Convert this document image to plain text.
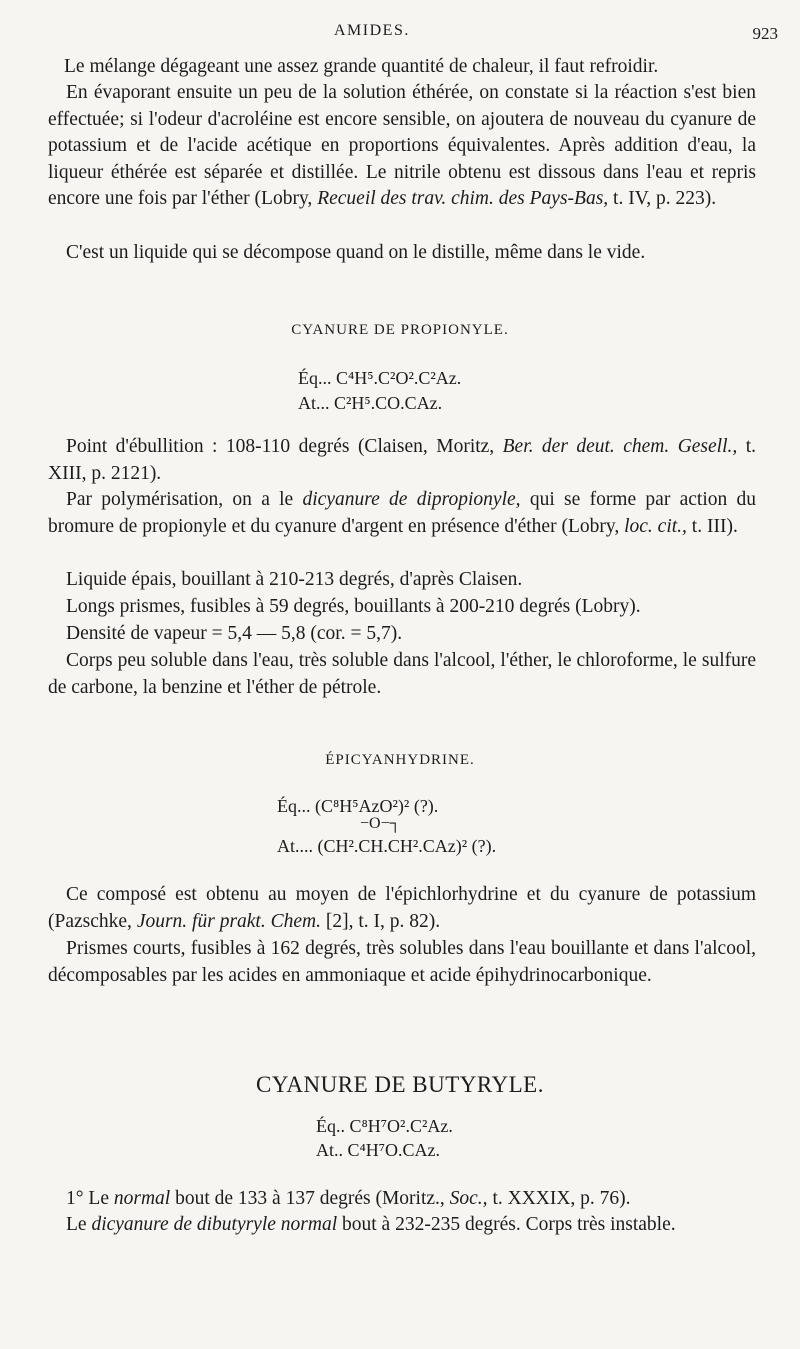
AMIDES.	923

Le mélange dégageant une assez grande quantité de chaleur, il faut refroidir.

En évaporant ensuite un peu de la solution éthérée, on constate si la réaction s'est bien effectuée; si l'odeur d'acroléine est encore sensible, on ajoutera de nouveau du cyanure de potassium et de l'acide acétique en proportions équivalentes. Après addition d'eau, la liqueur éthérée est séparée et distillée. Le nitrile obtenu est dissous dans l'eau et repris encore une fois par l'éther (Lobry, Recueil des trav. chim. des Pays-Bas, t. IV, p. 223).

C'est un liquide qui se décompose quand on le distille, même dans le vide.

CYANURE DE PROPIONYLE.
Éq... C⁴H⁵.C²O².C²Az.
At... C²H⁵.CO.CAz.

Point d'ébullition : 108-110 degrés (Claisen, Moritz, Ber. der deut. chem. Gesell., t. XIII, p. 2121).

Par polymérisation, on a le dicyanure de dipropionyle, qui se forme par action du bromure de propionyle et du cyanure d'argent en présence d'éther (Lobry, loc. cit., t. III).

Liquide épais, bouillant à 210-213 degrés, d'après Claisen.

Longs prismes, fusibles à 59 degrés, bouillants à 200-210 degrés (Lobry).

Densité de vapeur = 5,4 — 5,8 (cor. = 5,7).

Corps peu soluble dans l'eau, très soluble dans l'alcool, l'éther, le chloroforme, le sulfure de carbone, la benzine et l'éther de pétrole.

ÉPICYANHYDRINE.
Éq... (C⁸H⁵AzO²)² (?).
−O−┐
At.... (CH².CH.CH².CAz)² (?).

Ce composé est obtenu au moyen de l'épichlorhydrine et du cyanure de potassium (Pazschke, Journ. für prakt. Chem. [2], t. I, p. 82).

Prismes courts, fusibles à 162 degrés, très solubles dans l'eau bouillante et dans l'alcool, décomposables par les acides en ammoniaque et acide épihydrinocarbonique.

CYANURE DE BUTYRYLE.
Éq.. C⁸H⁷O².C²Az.
At.. C⁴H⁷O.CAz.

1° Le normal bout de 133 à 137 degrés (Moritz., Soc., t. XXXIX, p. 76).

Le dicyanure de dibutyryle normal bout à 232-235 degrés. Corps très instable.
